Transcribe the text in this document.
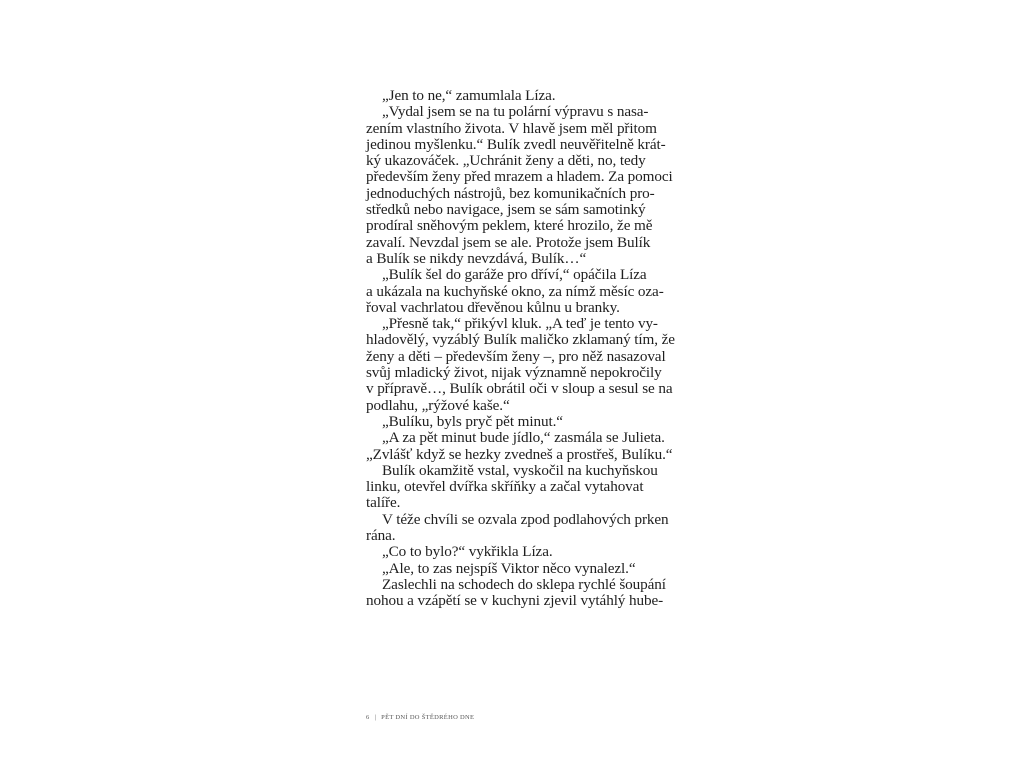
„Jen to ne,“ zamumlala Líza.
„Vydal jsem se na tu polární výpravu s nasa-
zením vlastního života. V hlavě jsem měl přitom
jedinou myšlenku.“ Bulík zvedl neuvěřitelně krát-
ký ukazováček. „Uchránit ženy a děti, no, tedy
především ženy před mrazem a hladem. Za pomoci
jednoduchých nástrojů, bez komunikačních pro-
středků nebo navigace, jsem se sám samotinký
prodíral sněhovým peklem, které hrozilo, že mě
zavalí. Nevzdal jsem se ale. Protože jsem Bulík
a Bulík se nikdy nevzdává, Bulík…“
„Bulík šel do garáže pro dříví,“ opáčila Líza
a ukázala na kuchyňské okno, za nímž měsíc oza-
řoval vachrlatou dřevěnou kůlnu u branky.
„Přesně tak,“ přikývl kluk. „A teď je tento vy-
hladovělý, vyzáblý Bulík maličko zklamaný tím, že
ženy a děti – především ženy –, pro něž nasazoval
svůj mladický život, nijak významně nepokročily
v přípravě…, Bulík obrátil oči v sloup a sesul se na
podlahu, „rýžové kaše.“
„Bulíku, byls pryč pět minut.“
„A za pět minut bude jídlo,“ zasmála se Julieta.
„Zvlášť když se hezky zvedneš a prostřeš, Bulíku.“
Bulík okamžitě vstal, vyskočil na kuchyňskou
linku, otevřel dvířka skříňky a začal vytahovat
talíře.
V téže chvíli se ozvala zpod podlahových prken
rána.
„Co to bylo?“ vykřikla Líza.
„Ale, to zas nejspíš Viktor něco vynalezl.“
Zaslechli na schodech do sklepa rychlé šoupání
nohou a vzápětí se v kuchyni zjevil vytáhlý hube-
6 | PĚT DNÍ DO ŠTĚDRÉHO DNE
